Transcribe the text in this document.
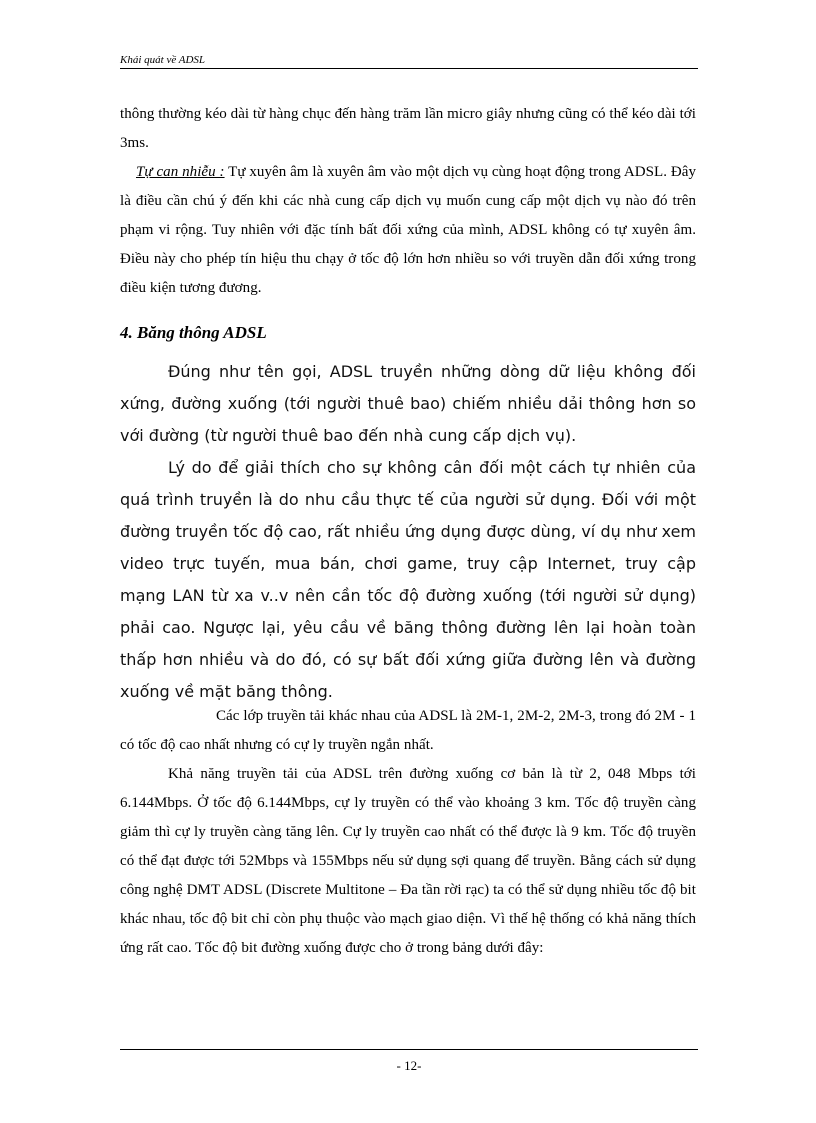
Khái quát về ADSL

thông thường kéo dài từ hàng chục đến hàng trăm lần micro giây nhưng cũng có thể kéo dài tới 3ms.

Tự can nhiễu : Tự xuyên âm là xuyên âm vào một dịch vụ cùng hoạt động trong ADSL. Đây là điều cần chú ý đến khi các nhà cung cấp dịch vụ muốn cung cấp một dịch vụ nào đó trên phạm vi rộng. Tuy nhiên với đặc tính bất đối xứng của mình, ADSL không có tự xuyên âm. Điều này cho phép tín hiệu thu chạy ở tốc độ lớn hơn nhiều so với truyền dẫn đối xứng trong điều kiện tương đương.

4. Băng thông ADSL

Đúng như tên gọi, ADSL truyền những dòng dữ liệu không đối xứng, đường xuống (tới người thuê bao) chiếm nhiều dải thông hơn so với đường (từ người thuê bao đến nhà cung cấp dịch vụ).

Lý do để giải thích cho sự không cân đối một cách tự nhiên của quá trình truyền là do nhu cầu thực tế của người sử dụng. Đối với một đường truyền tốc độ cao, rất nhiều ứng dụng được dùng, ví dụ như xem video trực tuyến, mua bán, chơi game, truy cập Internet, truy cập mạng LAN từ xa v..v nên cần tốc độ đường xuống (tới người sử dụng) phải cao. Ngược lại, yêu cầu về băng thông đường lên lại hoàn toàn thấp hơn nhiều và do đó, có sự bất đối xứng giữa đường lên và đường xuống về mặt băng thông.

Các lớp truyền tải khác nhau của ADSL là 2M-1, 2M-2, 2M-3, trong đó 2M - 1 có tốc độ cao nhất nhưng có cự ly truyền ngắn nhất.

Khả năng truyền tải của ADSL trên đường xuống cơ bản là từ 2, 048 Mbps tới 6.144Mbps. Ở tốc độ 6.144Mbps, cự ly truyền có thể vào khoảng 3 km. Tốc độ truyền càng giảm thì cự ly truyền càng tăng lên. Cự ly truyền cao nhất có thể được là 9 km. Tốc độ truyền có thể đạt được tới 52Mbps và 155Mbps nếu sử dụng sợi quang để truyền. Bằng cách sử dụng công nghệ DMT ADSL (Discrete Multitone – Đa tần rời rạc) ta có thể sử dụng nhiều tốc độ bit khác nhau, tốc độ bit chỉ còn phụ thuộc vào mạch giao diện. Vì thế hệ thống có khả năng thích ứng rất cao. Tốc độ bit đường xuống được cho ở trong bảng dưới đây:

- 12-
